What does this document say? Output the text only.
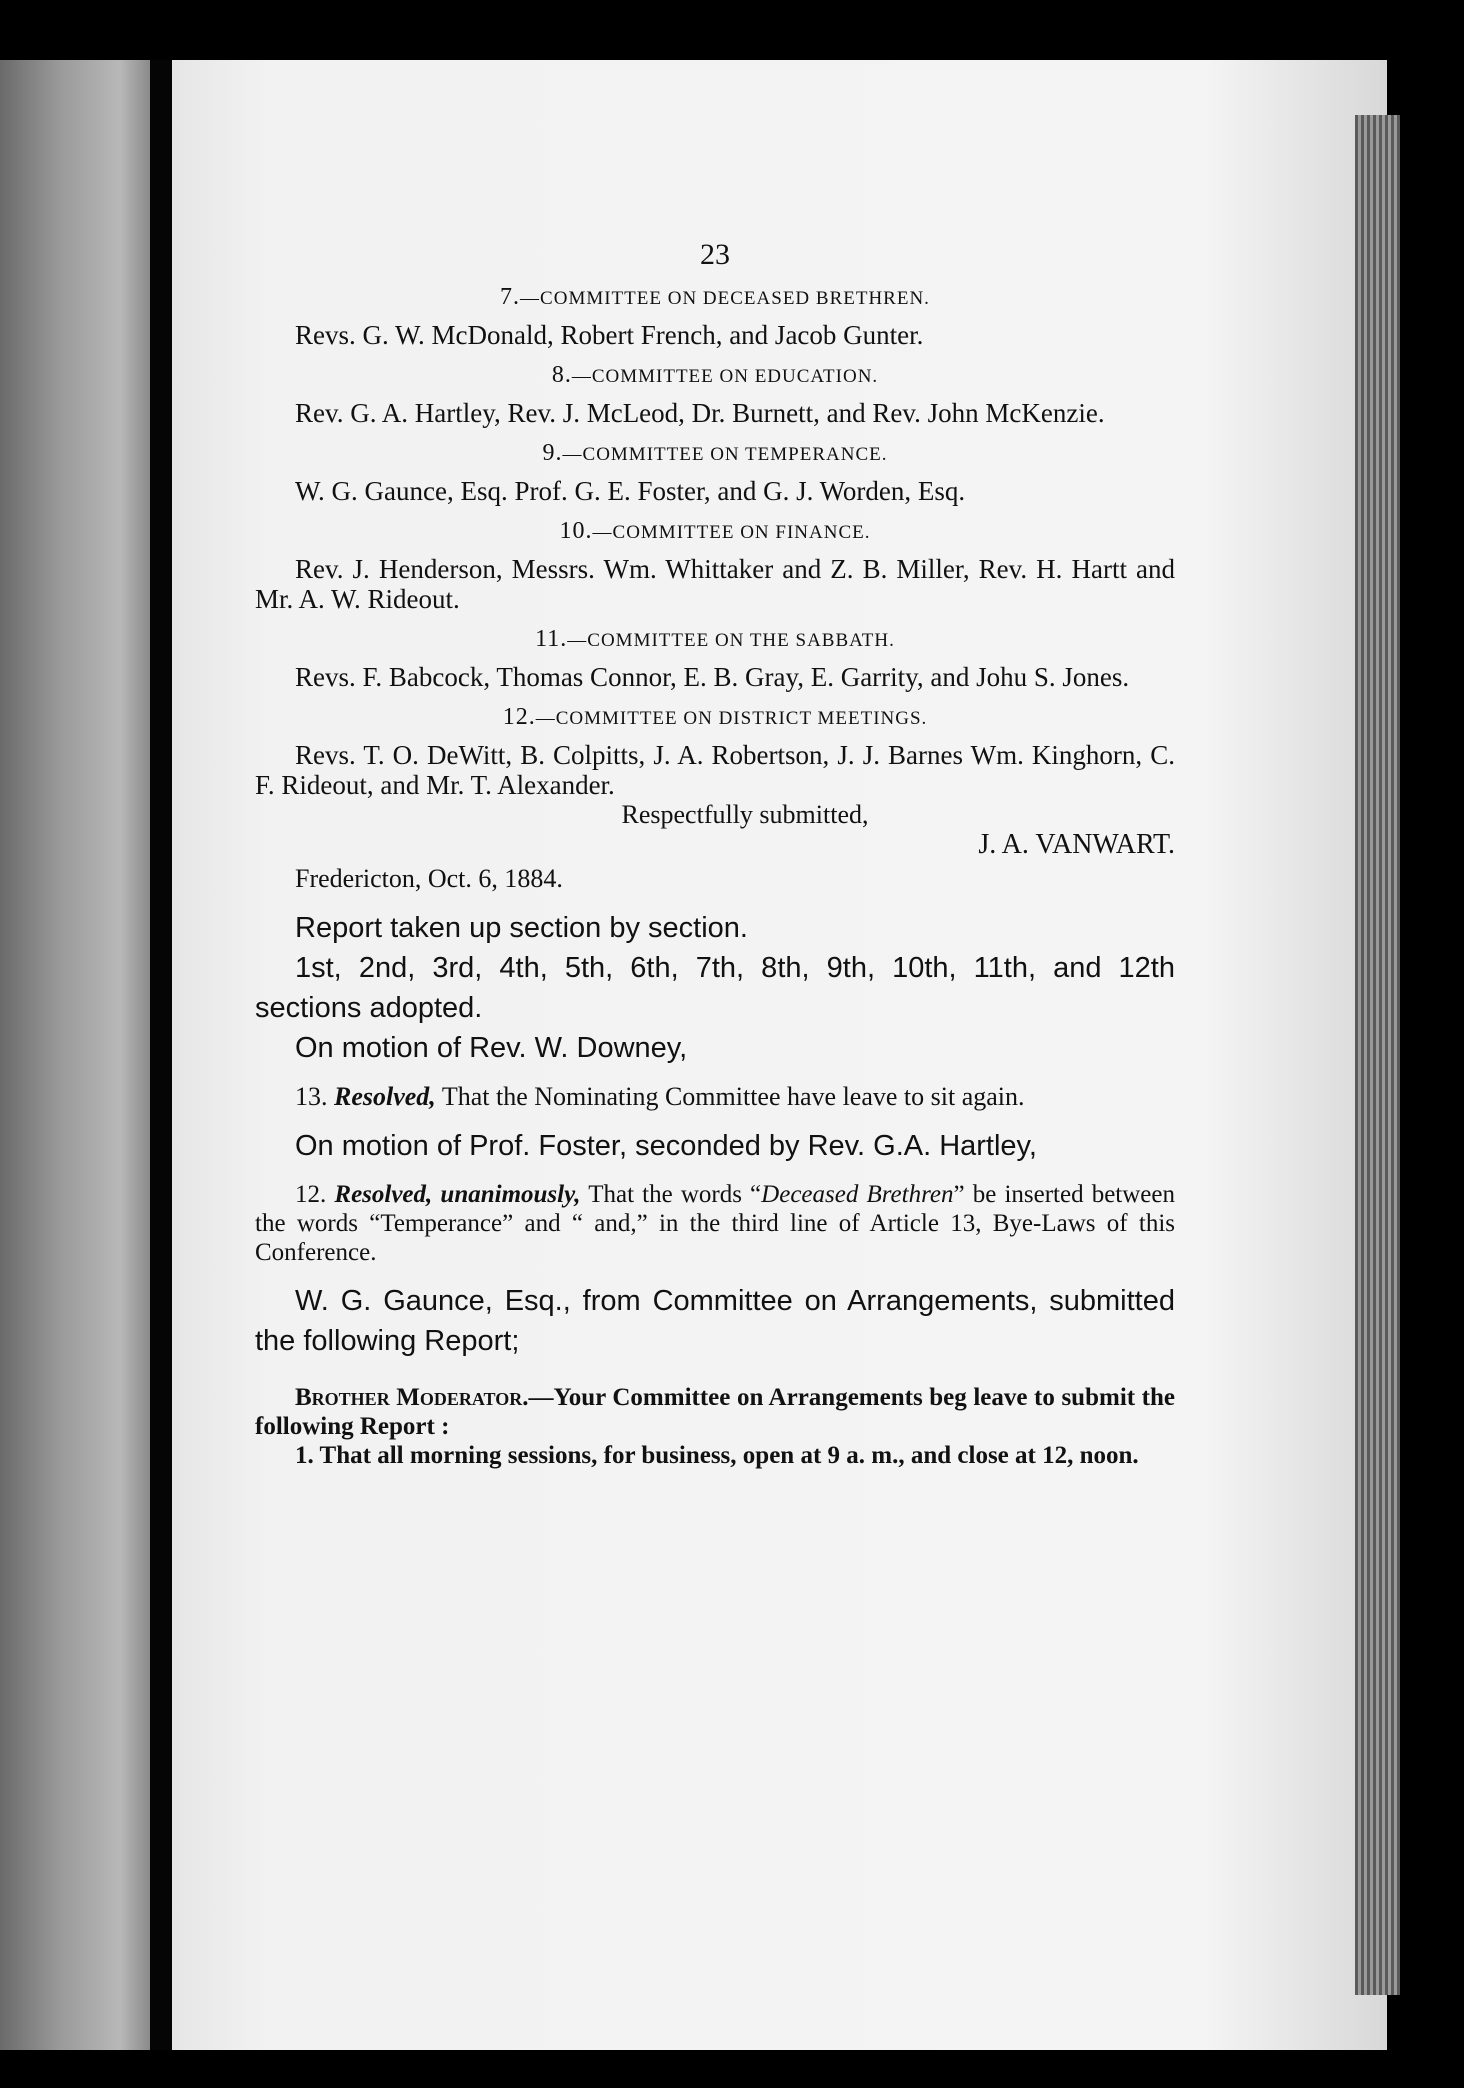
23
7.—COMMITTEE ON DECEASED BRETHREN.

Revs. G. W. McDonald, Robert French, and Jacob Gunter.

8.—COMMITTEE ON EDUCATION.

Rev. G. A. Hartley, Rev. J. McLeod, Dr. Burnett, and Rev. John McKenzie.

9.—COMMITTEE ON TEMPERANCE.

W. G. Gaunce, Esq. Prof. G. E. Foster, and G. J. Worden, Esq.

10.—COMMITTEE ON FINANCE.

Rev. J. Henderson, Messrs. Wm. Whittaker and Z. B. Miller, Rev. H. Hartt and Mr. A. W. Rideout.

11.—COMMITTEE ON THE SABBATH.

Revs. F. Babcock, Thomas Connor, E. B. Gray, E. Garrity, and Johu S. Jones.

12.—COMMITTEE ON DISTRICT MEETINGS.

Revs. T. O. DeWitt, B. Colpitts, J. A. Robertson, J. J. Barnes Wm. Kinghorn, C. F. Rideout, and Mr. T. Alexander.

Respectfully submitted,

J. A. VANWART.

Fredericton, Oct. 6, 1884.

Report taken up section by section.

1st, 2nd, 3rd, 4th, 5th, 6th, 7th, 8th, 9th, 10th, 11th, and 12th sections adopted.

On motion of Rev. W. Downey,

13. Resolved, That the Nominating Committee have leave to sit again.

On motion of Prof. Foster, seconded by Rev. G.A. Hartley,

12. Resolved, unanimously, That the words “Deceased Brethren” be inserted between the words “Temperance” and “ and,” in the third line of Article 13, Bye-Laws of this Conference.

W. G. Gaunce, Esq., from Committee on Arrangements, submitted the following Report;

Brother Moderator.—Your Committee on Arrangements beg leave to submit the following Report :

1. That all morning sessions, for business, open at 9 a. m., and close at 12, noon.
